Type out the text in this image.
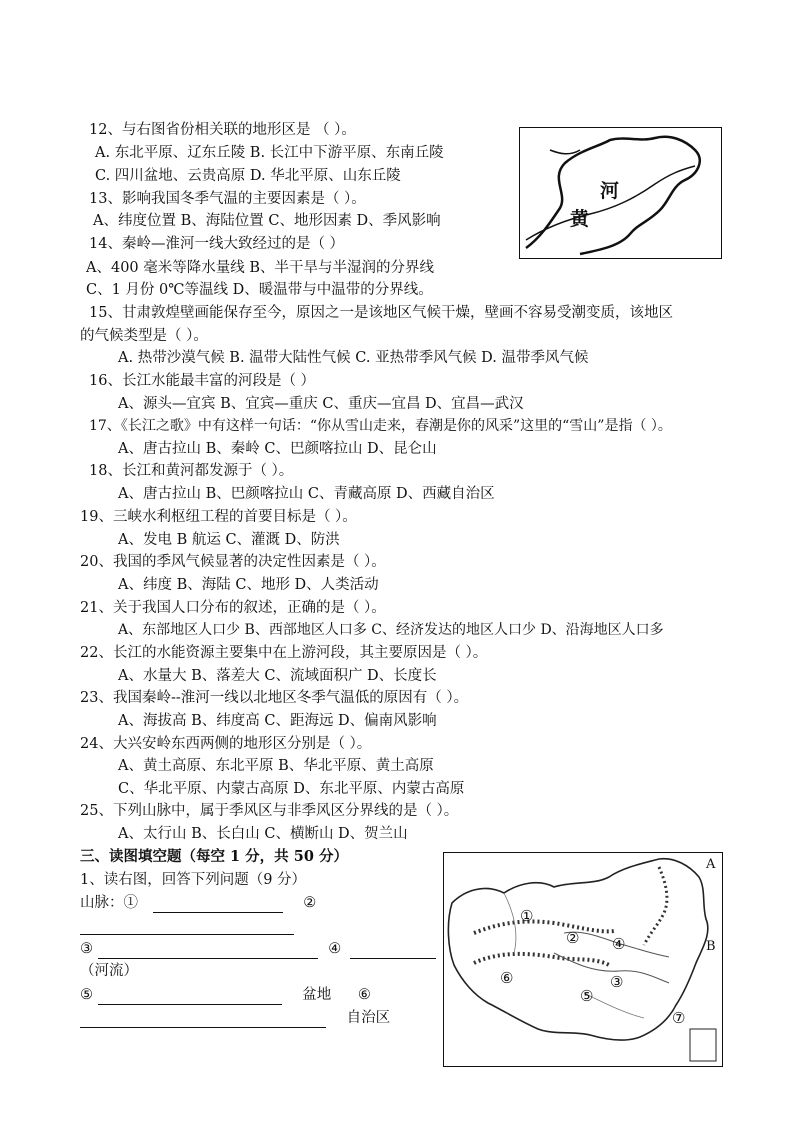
12、与右图省份相关联的地形区是 （ ）。
A. 东北平原、辽东丘陵 B. 长江中下游平原、东南丘陵
C. 四川盆地、云贵高原 D. 华北平原、山东丘陵
河
黄
13、影响我国冬季气温的主要因素是（ ）。
A、纬度位置 B、海陆位置 C、地形因素 D、季风影响
14、秦岭—淮河一线大致经过的是（ ）
A、400 毫米等降水量线 B、半干旱与半湿润的分界线
C、1 月份 0℃等温线 D、暖温带与中温带的分界线。
15、甘肃敦煌壁画能保存至今，原因之一是该地区气候干燥，壁画不容易受潮变质，该地区
的气候类型是（ ）。
A. 热带沙漠气候 B. 温带大陆性气候 C. 亚热带季风气候 D. 温带季风气候
16、长江水能最丰富的河段是（ ）
A、源头—宜宾 B、宜宾—重庆 C、重庆—宜昌 D、宜昌—武汉
17、《长江之歌》中有这样一句话：“你从雪山走来，春潮是你的风采”这里的“雪山”是指（ ）。
A、唐古拉山 B、秦岭 C、巴颜喀拉山 D、昆仑山
18、长江和黄河都发源于（ ）。
A、唐古拉山 B、巴颜喀拉山 C、青藏高原 D、西藏自治区
19、三峡水利枢纽工程的首要目标是（ ）。
A、发电 B 航运 C、灌溉 D、防洪
20、我国的季风气候显著的决定性因素是（ ）。
A、纬度 B、海陆 C、地形 D、人类活动
21、关于我国人口分布的叙述，正确的是（ ）。
A、东部地区人口少 B、西部地区人口多 C、经济发达的地区人口少 D、沿海地区人口多
22、长江的水能资源主要集中在上游河段，其主要原因是（ ）。
A、水量大 B、落差大 C、流域面积广 D、长度长
23、我国秦岭--淮河一线以北地区冬季气温低的原因有（ ）。
A、海拔高 B、纬度高 C、距海远 D、偏南风影响
24、大兴安岭东西两侧的地形区分别是（ ）。
A、黄土高原、东北平原 B、华北平原、黄土高原
C、华北平原、内蒙古高原 D、东北平原、内蒙古高原
25、下列山脉中，属于季风区与非季风区分界线的是（ ）。
A、太行山 B、长白山 C、横断山 D、贺兰山
三、读图填空题（每空 1 分，共 50 分）
1、读右图，回答下列问题（9 分）
山脉：①	②
③	④
（河流）
⑤	盆地 ⑥
自治区
A
B
①
②
③
④
⑤
⑥
⑦
